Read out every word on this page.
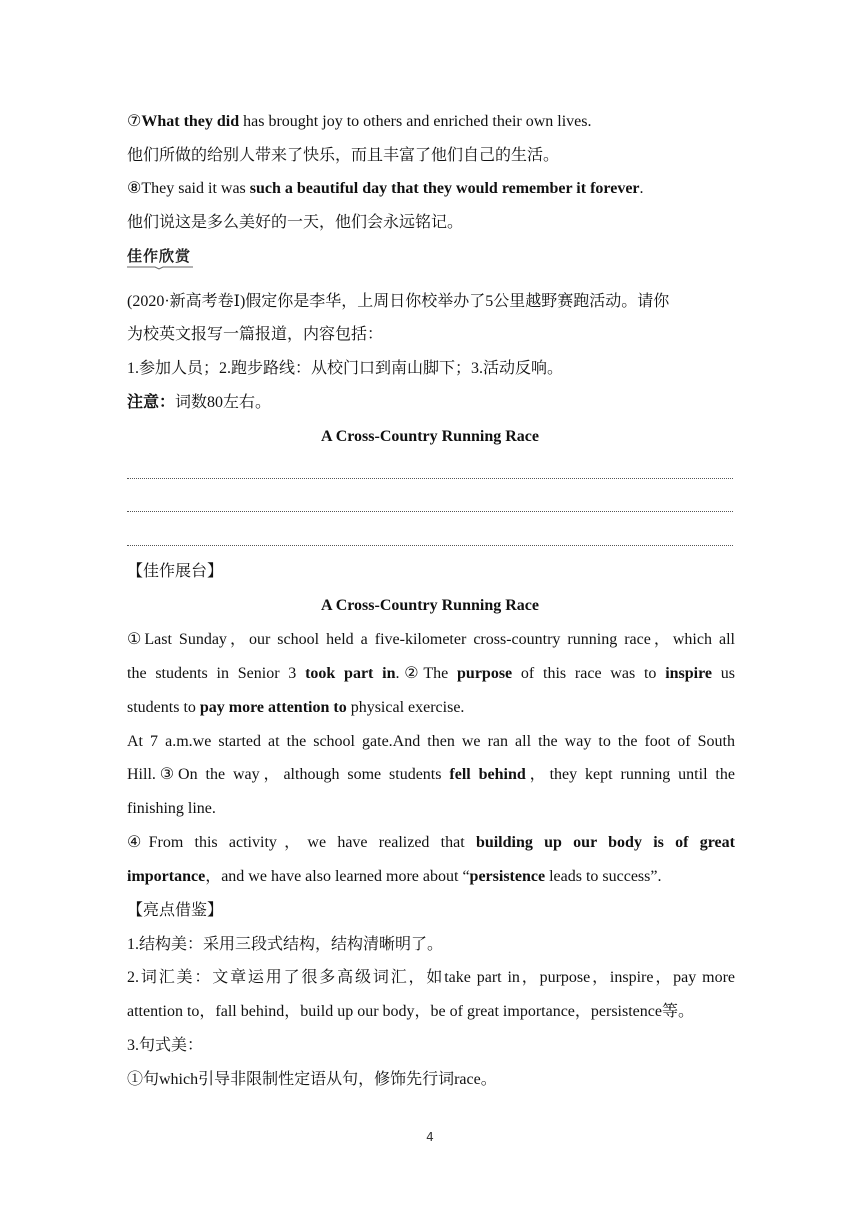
⑦What they did has brought joy to others and enriched their own lives.
他们所做的给别人带来了快乐，而且丰富了他们自己的生活。
⑧They said it was such a beautiful day that they would remember it forever.
他们说这是多么美好的一天，他们会永远铭记。
佳作欣赏
(2020·新高考卷Ⅰ)假定你是李华，上周日你校举办了5公里越野赛跑活动。请你
为校英文报写一篇报道，内容包括：
1.参加人员；2.跑步路线：从校门口到南山脚下；3.活动反响。
注意：词数80左右。
A Cross-Country Running Race
【佳作展台】
A Cross-Country Running Race
①Last Sunday，our school held a five-kilometer cross-country running race，which all
the students in Senior 3 took part in.②The purpose of this race was to inspire us
students to pay more attention to physical exercise.
At 7 a.m.we started at the school gate.And then we ran all the way to the foot of South
Hill.③On the way，although some students fell behind，they kept running until the
finishing line.
④From this activity，we have realized that building up our body is of great
importance，and we have also learned more about “persistence leads to success”.
【亮点借鉴】
1.结构美：采用三段式结构，结构清晰明了。
2.词汇美：文章运用了很多高级词汇，如take part in，purpose，inspire，pay more
attention to，fall behind，build up our body，be of great importance，persistence等。
3.句式美：
①句which引导非限制性定语从句，修饰先行词race。
4
